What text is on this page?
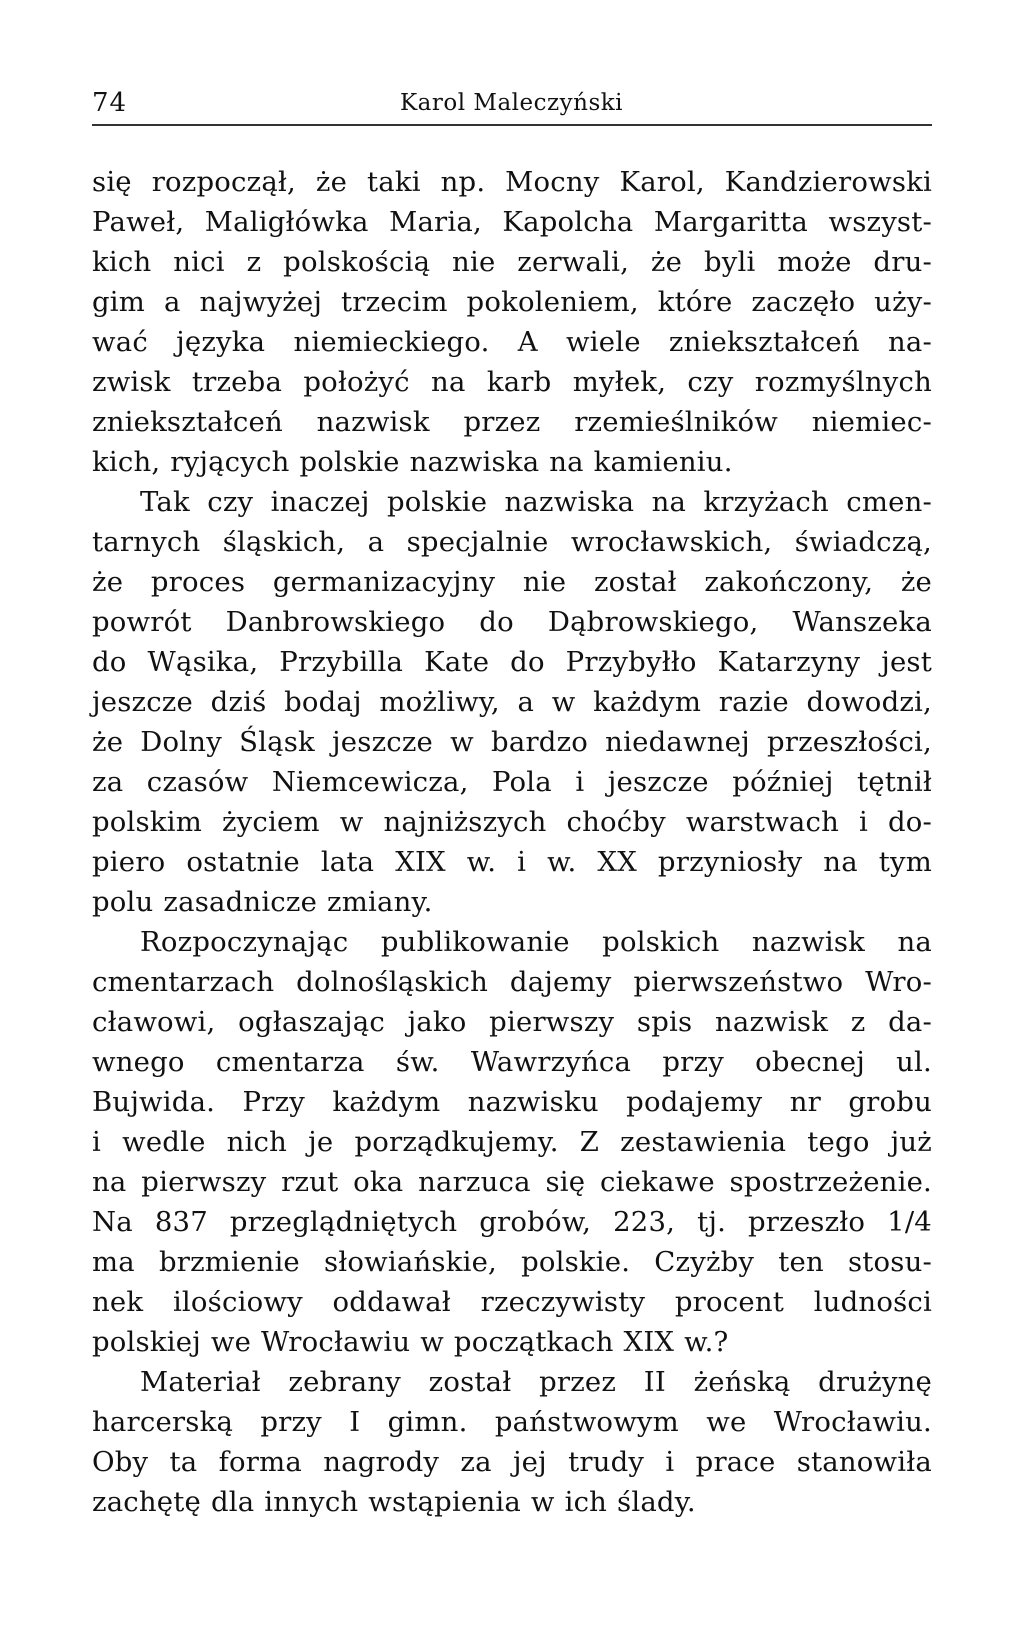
74	Karol Maleczyński

się rozpoczął, że taki np. Mocny Karol, Kandzierowski
Paweł, Maligłówka Maria, Kapolcha Margaritta wszyst-
kich nici z polskością nie zerwali, że byli może dru-
gim a najwyżej trzecim pokoleniem, które zaczęło uży-
wać języka niemieckiego. A wiele zniekształceń na-
zwisk trzeba położyć na karb myłek, czy rozmyślnych
zniekształceń nazwisk przez rzemieślników niemiec-
kich, ryjących polskie nazwiska na kamieniu.

Tak czy inaczej polskie nazwiska na krzyżach cmen-
tarnych śląskich, a specjalnie wrocławskich, świadczą,
że proces germanizacyjny nie został zakończony, że
powrót Danbrowskiego do Dąbrowskiego, Wanszeka
do Wąsika, Przybilla Kate do Przybyłło Katarzyny jest
jeszcze dziś bodaj możliwy, a w każdym razie dowodzi,
że Dolny Śląsk jeszcze w bardzo niedawnej przeszłości,
za czasów Niemcewicza, Pola i jeszcze później tętnił
polskim życiem w najniższych choćby warstwach i do-
piero ostatnie lata XIX w. i w. XX przyniosły na tym
polu zasadnicze zmiany.

Rozpoczynając publikowanie polskich nazwisk na
cmentarzach dolnośląskich dajemy pierwszeństwo Wro-
cławowi, ogłaszając jako pierwszy spis nazwisk z da-
wnego cmentarza św. Wawrzyńca przy obecnej ul.
Bujwida. Przy każdym nazwisku podajemy nr grobu
i wedle nich je porządkujemy. Z zestawienia tego już
na pierwszy rzut oka narzuca się ciekawe spostrzeżenie.
Na 837 przeglądniętych grobów, 223, tj. przeszło 1/4
ma brzmienie słowiańskie, polskie. Czyżby ten stosu-
nek ilościowy oddawał rzeczywisty procent ludności
polskiej we Wrocławiu w początkach XIX w.?

Materiał zebrany został przez II żeńską drużynę
harcerską przy I gimn. państwowym we Wrocławiu.
Oby ta forma nagrody za jej trudy i prace stanowiła
zachętę dla innych wstąpienia w ich ślady.
